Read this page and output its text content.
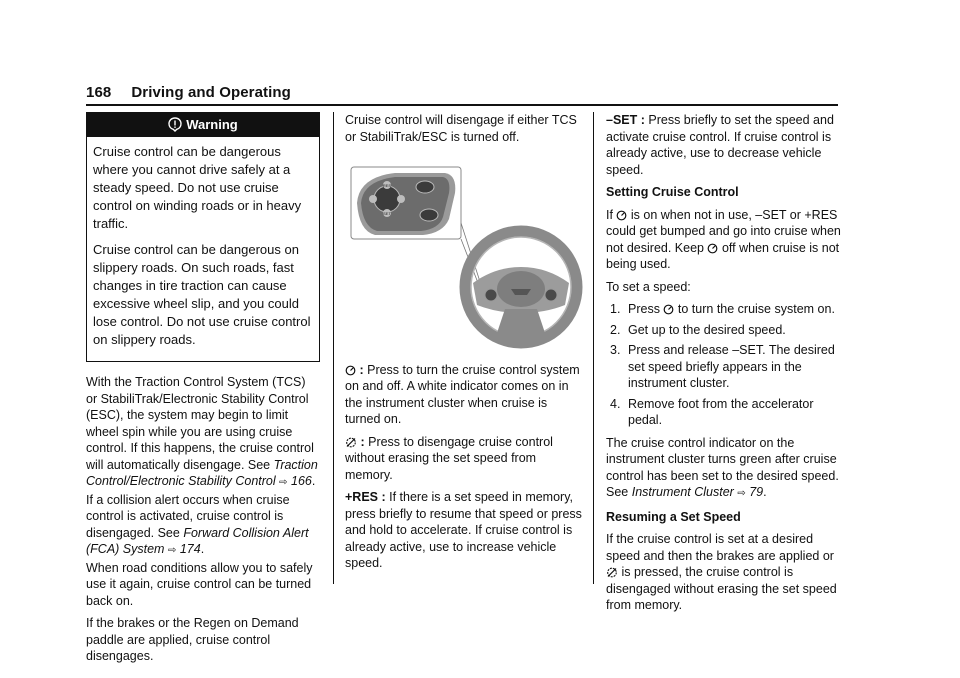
168 Driving and Operating
Warning

Cruise control can be dangerous where you cannot drive safely at a steady speed. Do not use cruise control on winding roads or in heavy traffic.

Cruise control can be dangerous on slippery roads. On such roads, fast changes in tire traction can cause excessive wheel slip, and you could lose control. Do not use cruise control on slippery roads.

With the Traction Control System (TCS) or StabiliTrak/Electronic Stability Control (ESC), the system may begin to limit wheel spin while you are using cruise control. If this happens, the cruise control will automatically disengage. See Traction Control/Electronic Stability Control ⇨ 166.
If a collision alert occurs when cruise control is activated, cruise control is disengaged. See Forward Collision Alert (FCA) System ⇨ 174.
When road conditions allow you to safely use it again, cruise control can be turned back on.

If the brakes or the Regen on Demand paddle are applied, cruise control disengages.

Cruise control will disengage if either TCS or StabiliTrak/ESC is turned off.

RES
SET

: Press to turn the cruise control system on and off. A white indicator comes on in the instrument cluster when cruise is turned on.

: Press to disengage cruise control without erasing the set speed from memory.

+RES : If there is a set speed in memory, press briefly to resume that speed or press and hold to accelerate. If cruise control is already active, use to increase vehicle speed.

–SET : Press briefly to set the speed and activate cruise control. If cruise control is already active, use to decrease vehicle speed.

Setting Cruise Control

If  is on when not in use, –SET or +RES could get bumped and go into cruise when not desired. Keep  off when cruise is not being used.

To set a speed:

1. Press  to turn the cruise system on.
2. Get up to the desired speed.
3. Press and release –SET. The desired set speed briefly appears in the instrument cluster.
4. Remove foot from the accelerator pedal.

The cruise control indicator on the instrument cluster turns green after cruise control has been set to the desired speed. See Instrument Cluster ⇨ 79.

Resuming a Set Speed

If the cruise control is set at a desired speed and then the brakes are applied or  is pressed, the cruise control is disengaged without erasing the set speed from memory.
